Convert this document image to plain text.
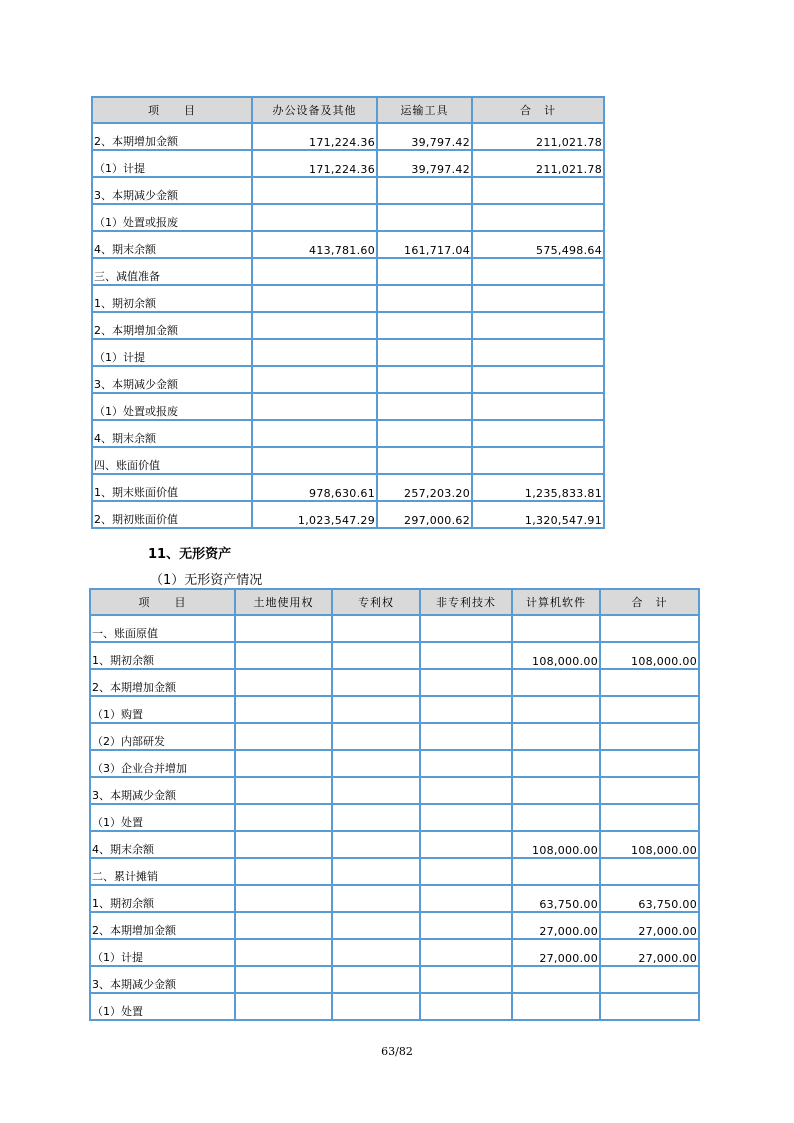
项　　目	办公设备及其他	运输工具	合　计
2、本期增加金额	171,224.36	39,797.42	211,021.78
（1）计提	171,224.36	39,797.42	211,021.78
3、本期减少金额			
（1）处置或报废			
4、期末余额	413,781.60	161,717.04	575,498.64
三、减值准备			
1、期初余额			
2、本期增加金额			
（1）计提			
3、本期减少金额			
（1）处置或报废			
4、期末余额			
四、账面价值			
1、期末账面价值	978,630.61	257,203.20	1,235,833.81
2、期初账面价值	1,023,547.29	297,000.62	1,320,547.91
11、无形资产
（1）无形资产情况
项　　目	土地使用权	专利权	非专利技术	计算机软件	合　计
一、账面原值					
1、期初余额				108,000.00	108,000.00
2、本期增加金额					
（1）购置					
（2）内部研发					
（3）企业合并增加					
3、本期减少金额					
（1）处置					
4、期末余额				108,000.00	108,000.00
二、累计摊销					
1、期初余额				63,750.00	63,750.00
2、本期增加金额				27,000.00	27,000.00
（1）计提				27,000.00	27,000.00
3、本期减少金额					
（1）处置					
63/82
